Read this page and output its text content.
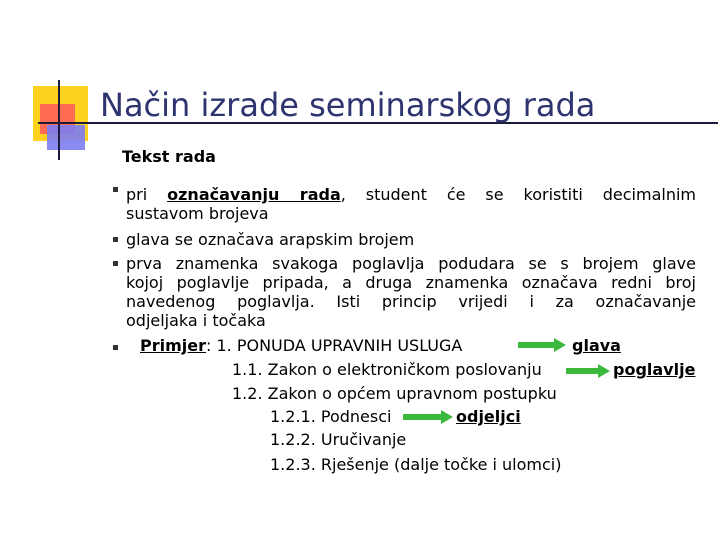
Način izrade seminarskog rada
Tekst rada
pri označavanju rada, student će se koristiti decimalnim
sustavom brojeva
glava se označava arapskim brojem
prva znamenka svakoga poglavlja podudara se s brojem glave
kojoj poglavlje pripada, a druga znamenka označava redni broj
navedenog poglavlja. Isti princip vrijedi i za označavanje
odjeljaka i točaka
Primjer: 1. PONUDA UPRAVNIH USLUGA	glava
1.1. Zakon o elektroničkom poslovanju	poglavlje
1.2. Zakon o općem upravnom postupku
1.2.1. Podnesci	odjeljci
1.2.2. Uručivanje
1.2.3. Rješenje (dalje točke i ulomci)
